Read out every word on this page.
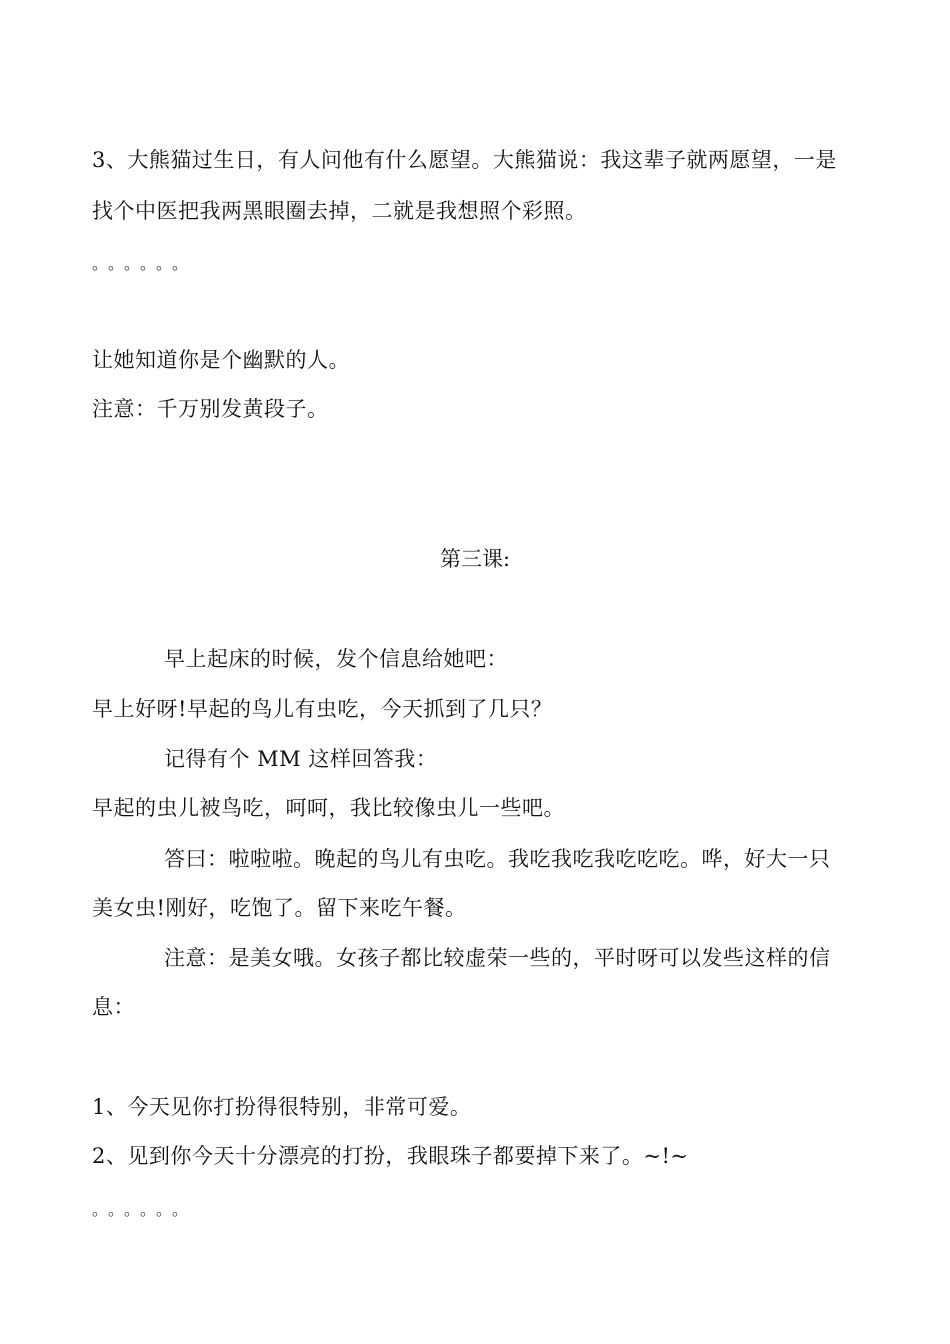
3、大熊猫过生日，有人问他有什么愿望。大熊猫说：我这辈子就两愿望，一是
找个中医把我两黑眼圈去掉，二就是我想照个彩照。
。。。。。。
让她知道你是个幽默的人。
注意：千万别发黄段子。
第三课:
早上起床的时候，发个信息给她吧：
早上好呀!早起的鸟儿有虫吃，今天抓到了几只？
记得有个 MM 这样回答我：
早起的虫儿被鸟吃，呵呵，我比较像虫儿一些吧。
答曰：啦啦啦。晚起的鸟儿有虫吃。我吃我吃我吃吃吃。哗，好大一只
美女虫!刚好，吃饱了。留下来吃午餐。
注意：是美女哦。女孩子都比较虚荣一些的，平时呀可以发些这样的信
息：
1、今天见你打扮得很特别，非常可爱。
2、见到你今天十分漂亮的打扮，我眼珠子都要掉下来了。~!~
。。。。。。
